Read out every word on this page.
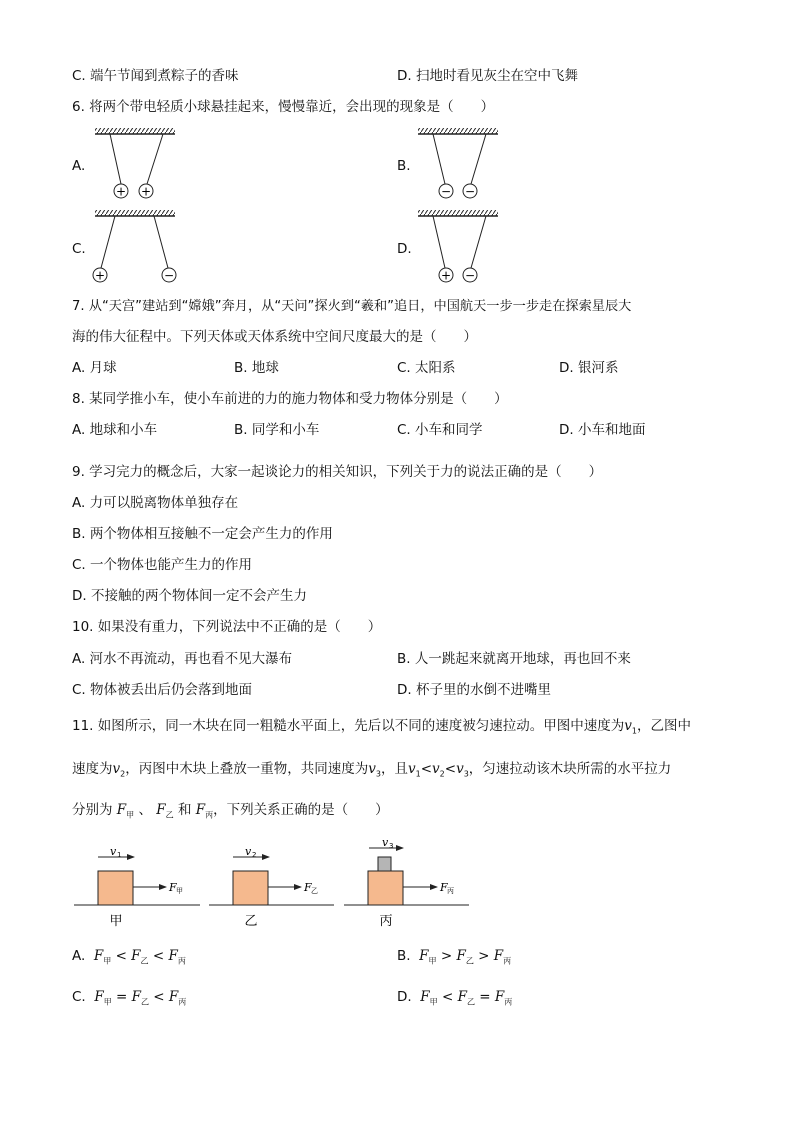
C. 端午节闻到煮粽子的香味	D. 扫地时看见灰尘在空中飞舞
6. 将两个带电轻质小球悬挂起来，慢慢靠近，会出现的现象是（　　）
A.
+ +
B.
− −
C.
+	−
D.
+ −
7. 从“天宫”建站到“嫦娥”奔月，从“天问”探火到“羲和”追日，中国航天一步一步走在探索星辰大
海的伟大征程中。下列天体或天体系统中空间尺度最大的是（　　）
A. 月球	B. 地球	C. 太阳系	D. 银河系
8. 某同学推小车，使小车前进的力的施力物体和受力物体分别是（　　）
A. 地球和小车	B. 同学和小车	C. 小车和同学	D. 小车和地面
9. 学习完力的概念后，大家一起谈论力的相关知识，下列关于力的说法正确的是（　　）
A. 力可以脱离物体单独存在
B. 两个物体相互接触不一定会产生力的作用
C. 一个物体也能产生力的作用
D. 不接触的两个物体间一定不会产生力
10. 如果没有重力，下列说法中不正确的是（　　）
A. 河水不再流动，再也看不见大瀑布	B. 人一跳起来就离开地球，再也回不来
C. 物体被丢出后仍会落到地面	D. 杯子里的水倒不进嘴里
11. 如图所示，同一木块在同一粗糙水平面上，先后以不同的速度被匀速拉动。甲图中速度为$v_1$，乙图中
速度为$v_2$，丙图中木块上叠放一重物，共同速度为$v_3$，且$v_1<v_2<v_3$，匀速拉动该木块所需的水平拉力
分别为 $F_甲$ 、 $F_乙$ 和 $F_丙$，下列关系正确的是（　　）
v 1
F 甲
甲
v 2
F 乙
乙
v 3
F 丙
丙
A. $F_甲 < F_乙 < F_丙$	B. $F_甲 > F_乙 > F_丙$
C. $F_甲 = F_乙 < F_丙$	D. $F_甲 < F_乙 = F_丙$
